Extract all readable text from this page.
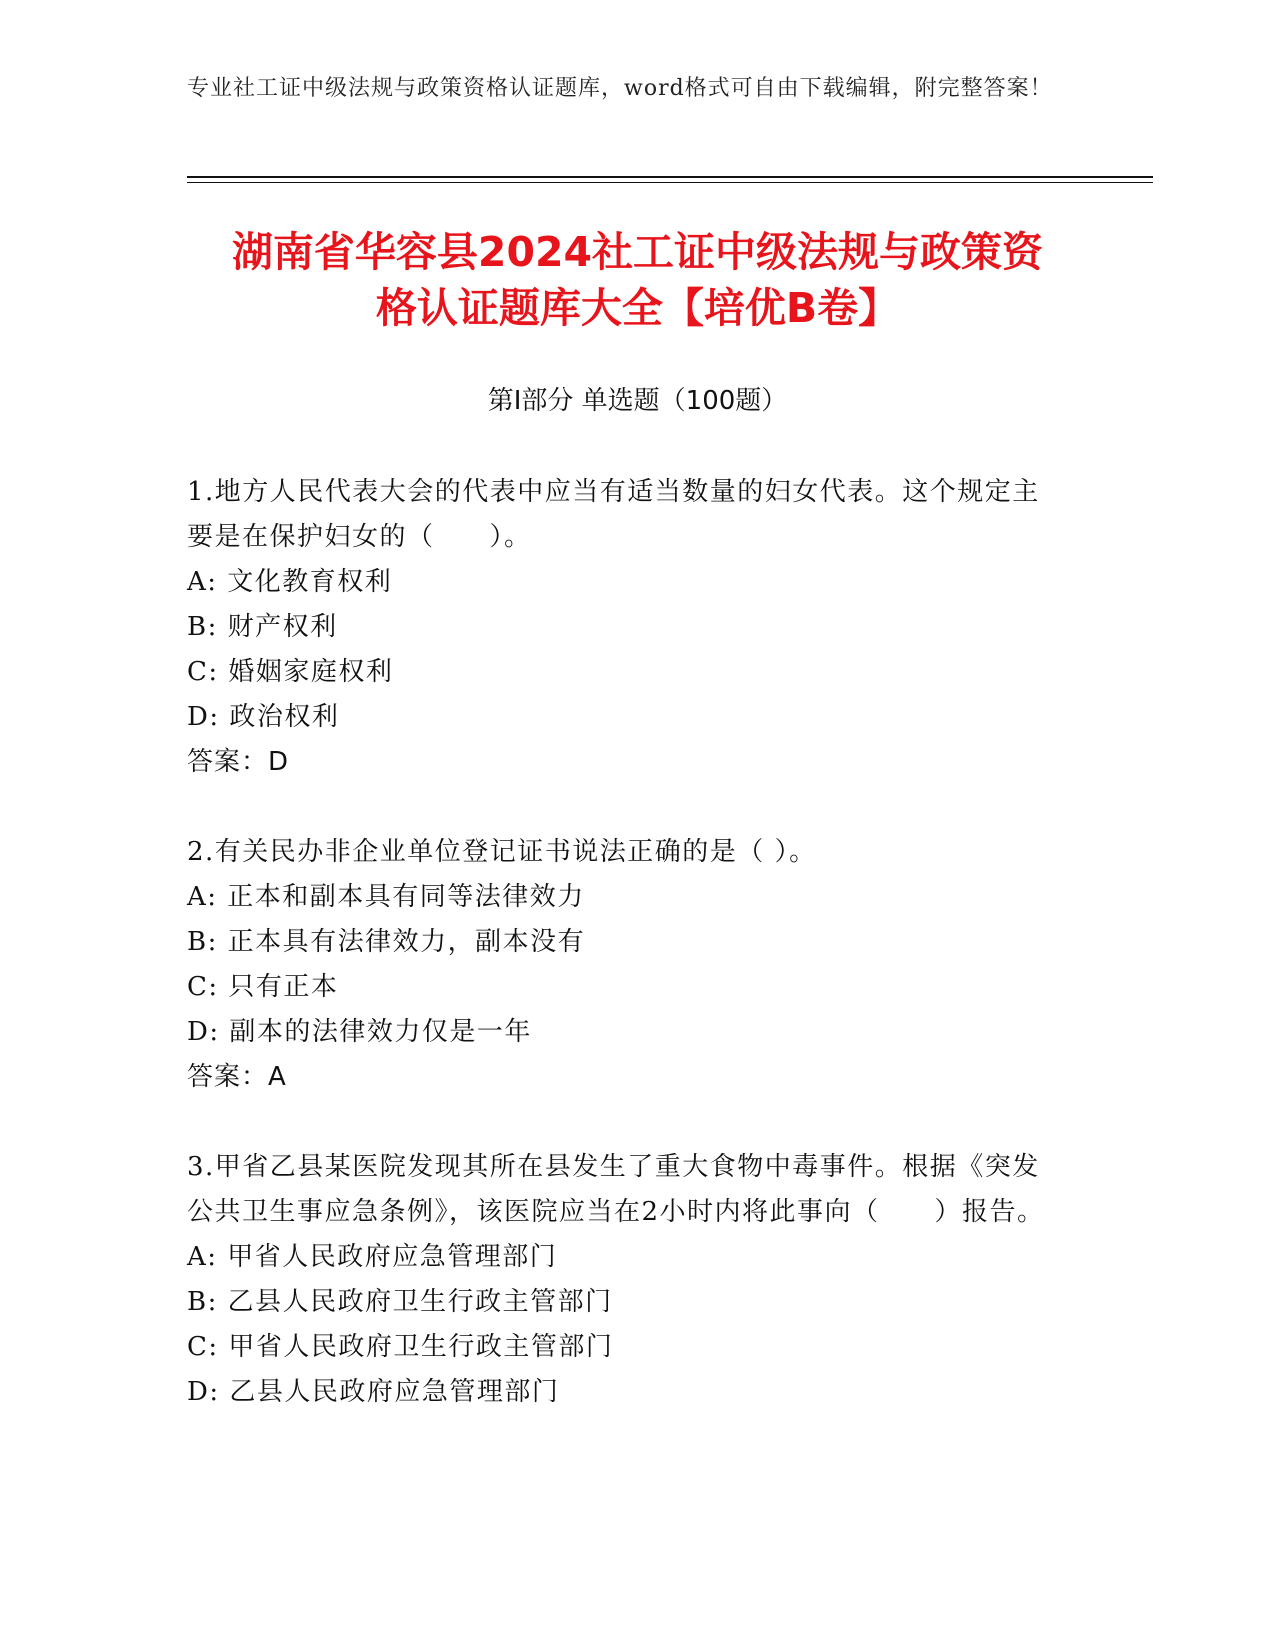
专业社工证中级法规与政策资格认证题库，word格式可自由下载编辑，附完整答案！
湖南省华容县2024社工证中级法规与政策资
格认证题库大全【培优B卷】
第Ⅰ部分 单选题（100题）
1.地方人民代表大会的代表中应当有适当数量的妇女代表。这个规定主要是在保护妇女的（　　）。
A: 文化教育权利
B: 财产权利
C: 婚姻家庭权利
D: 政治权利
答案：D
2.有关民办非企业单位登记证书说法正确的是（ ）。
A: 正本和副本具有同等法律效力
B: 正本具有法律效力，副本没有
C: 只有正本
D: 副本的法律效力仅是一年
答案：A
3.甲省乙县某医院发现其所在县发生了重大食物中毒事件。根据《突发公共卫生事应急条例》，该医院应当在2小时内将此事向（　　）报告。
A: 甲省人民政府应急管理部门
B: 乙县人民政府卫生行政主管部门
C: 甲省人民政府卫生行政主管部门
D: 乙县人民政府应急管理部门
